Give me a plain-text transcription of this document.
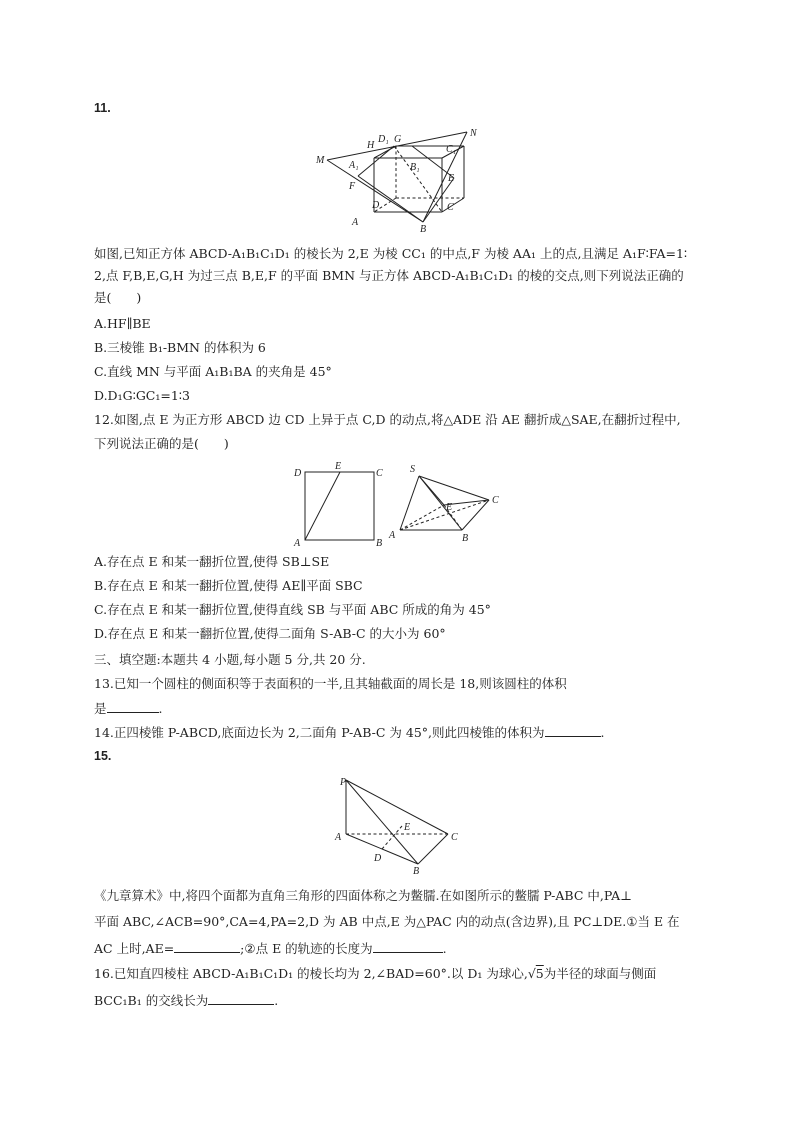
11.
D₁ G
N
H	C₁
M A₁	B₁
E
F
D	C
A
B
如图,已知正方体 ABCD-A₁B₁C₁D₁ 的棱长为 2,E 为棱 CC₁ 的中点,F 为棱 AA₁ 上的点,且满足 A₁F∶FA=1∶
2,点 F,B,E,G,H 为过三点 B,E,F 的平面 BMN 与正方体 ABCD-A₁B₁C₁D₁ 的棱的交点,则下列说法正确的
是(　　)
A.HF∥BE
B.三棱锥 B₁-BMN 的体积为 6
C.直线 MN 与平面 A₁B₁BA 的夹角是 45°
D.D₁G∶GC₁=1∶3
12.如图,点 E 为正方形 ABCD 边 CD 上异于点 C,D 的动点,将△ADE 沿 AE 翻折成△SAE,在翻折过程中,
下列说法正确的是(　　)
D
E
C
A	B
S
C
E
A	B
A.存在点 E 和某一翻折位置,使得 SB⊥SE
B.存在点 E 和某一翻折位置,使得 AE∥平面 SBC
C.存在点 E 和某一翻折位置,使得直线 SB 与平面 ABC 所成的角为 45°
D.存在点 E 和某一翻折位置,使得二面角 S-AB-C 的大小为 60°
三、填空题:本题共 4 小题,每小题 5 分,共 20 分.
13.已知一个圆柱的侧面积等于表面积的一半,且其轴截面的周长是 18,则该圆柱的体积
是	.
14.正四棱锥 P-ABCD,底面边长为 2,二面角 P-AB-C 为 45°,则此四棱锥的体积为	.
15.
P
E
A	C
D
B
《九章算术》中,将四个面都为直角三角形的四面体称之为鳖臑.在如图所示的鳖臑 P-ABC 中,PA⊥
平面 ABC,∠ACB=90°,CA=4,PA=2,D 为 AB 中点,E 为△PAC 内的动点(含边界),且 PC⊥DE.①当 E 在
AC 上时,AE=	;②点 E 的轨迹的长度为	.
16.已知直四棱柱 ABCD-A₁B₁C₁D₁ 的棱长均为 2,∠BAD=60°.以 D₁ 为球心,√5为半径的球面与侧面
BCC₁B₁ 的交线长为	.
